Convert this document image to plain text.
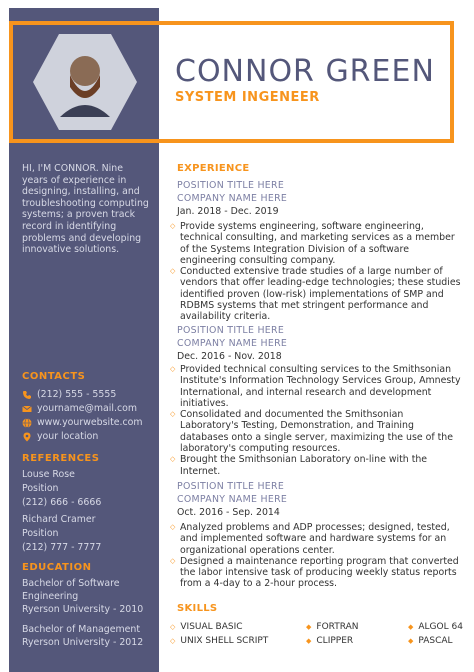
CONNOR GREEN
SYSTEM INGENEER
HI, I'M CONNOR. Nine years of experience in designing, installing, and troubleshooting computing systems; a proven track record in identifying problems and developing innovative solutions.
CONTACTS
(212) 555 - 5555
yourname@mail.com
www.yourwebsite.com
your location
REFERENCES
Louse Rose
Position
(212) 666 - 6666
Richard Cramer
Position
(212) 777 - 7777
EDUCATION
Bachelor of Software
Engineering
Ryerson University - 2010
Bachelor of Management
Ryerson University - 2012
EXPERIENCE
POSITION TITLE HERE
COMPANY NAME HERE
Jan. 2018 - Dec. 2019
◇ Provide systems engineering, software engineering, technical consulting, and marketing services as a member of the Systems Integration Division of a software engineering consulting company.
◇ Conducted extensive trade studies of a large number of vendors that offer leading-edge technologies; these studies identified proven (low-risk) implementations of SMP and RDBMS systems that met stringent performance and availability criteria.
POSITION TITLE HERE
COMPANY NAME HERE
Dec. 2016 - Nov. 2018
◇ Provided technical consulting services to the Smithsonian Institute's Information Technology Services Group, Amnesty International, and internal research and development initiatives.
◇ Consolidated and documented the Smithsonian Laboratory's Testing, Demonstration, and Training databases onto a single server, maximizing the use of the laboratory's computing resources.
◇ Brought the Smithsonian Laboratory on-line with the Internet.
POSITION TITLE HERE
COMPANY NAME HERE
Oct. 2016 - Sep. 2014
◇ Analyzed problems and ADP processes; designed, tested, and implemented software and hardware systems for an organizational operations center.
◇ Designed a maintenance reporting program that converted the labor intensive task of producing weekly status reports from a 4-day to a 2-hour process.
SKILLS
◇ VISUAL BASIC	◆ FORTRAN	◆ ALGOL 64
◇ UNIX SHELL SCRIPT	◆ CLIPPER	◆ PASCAL
